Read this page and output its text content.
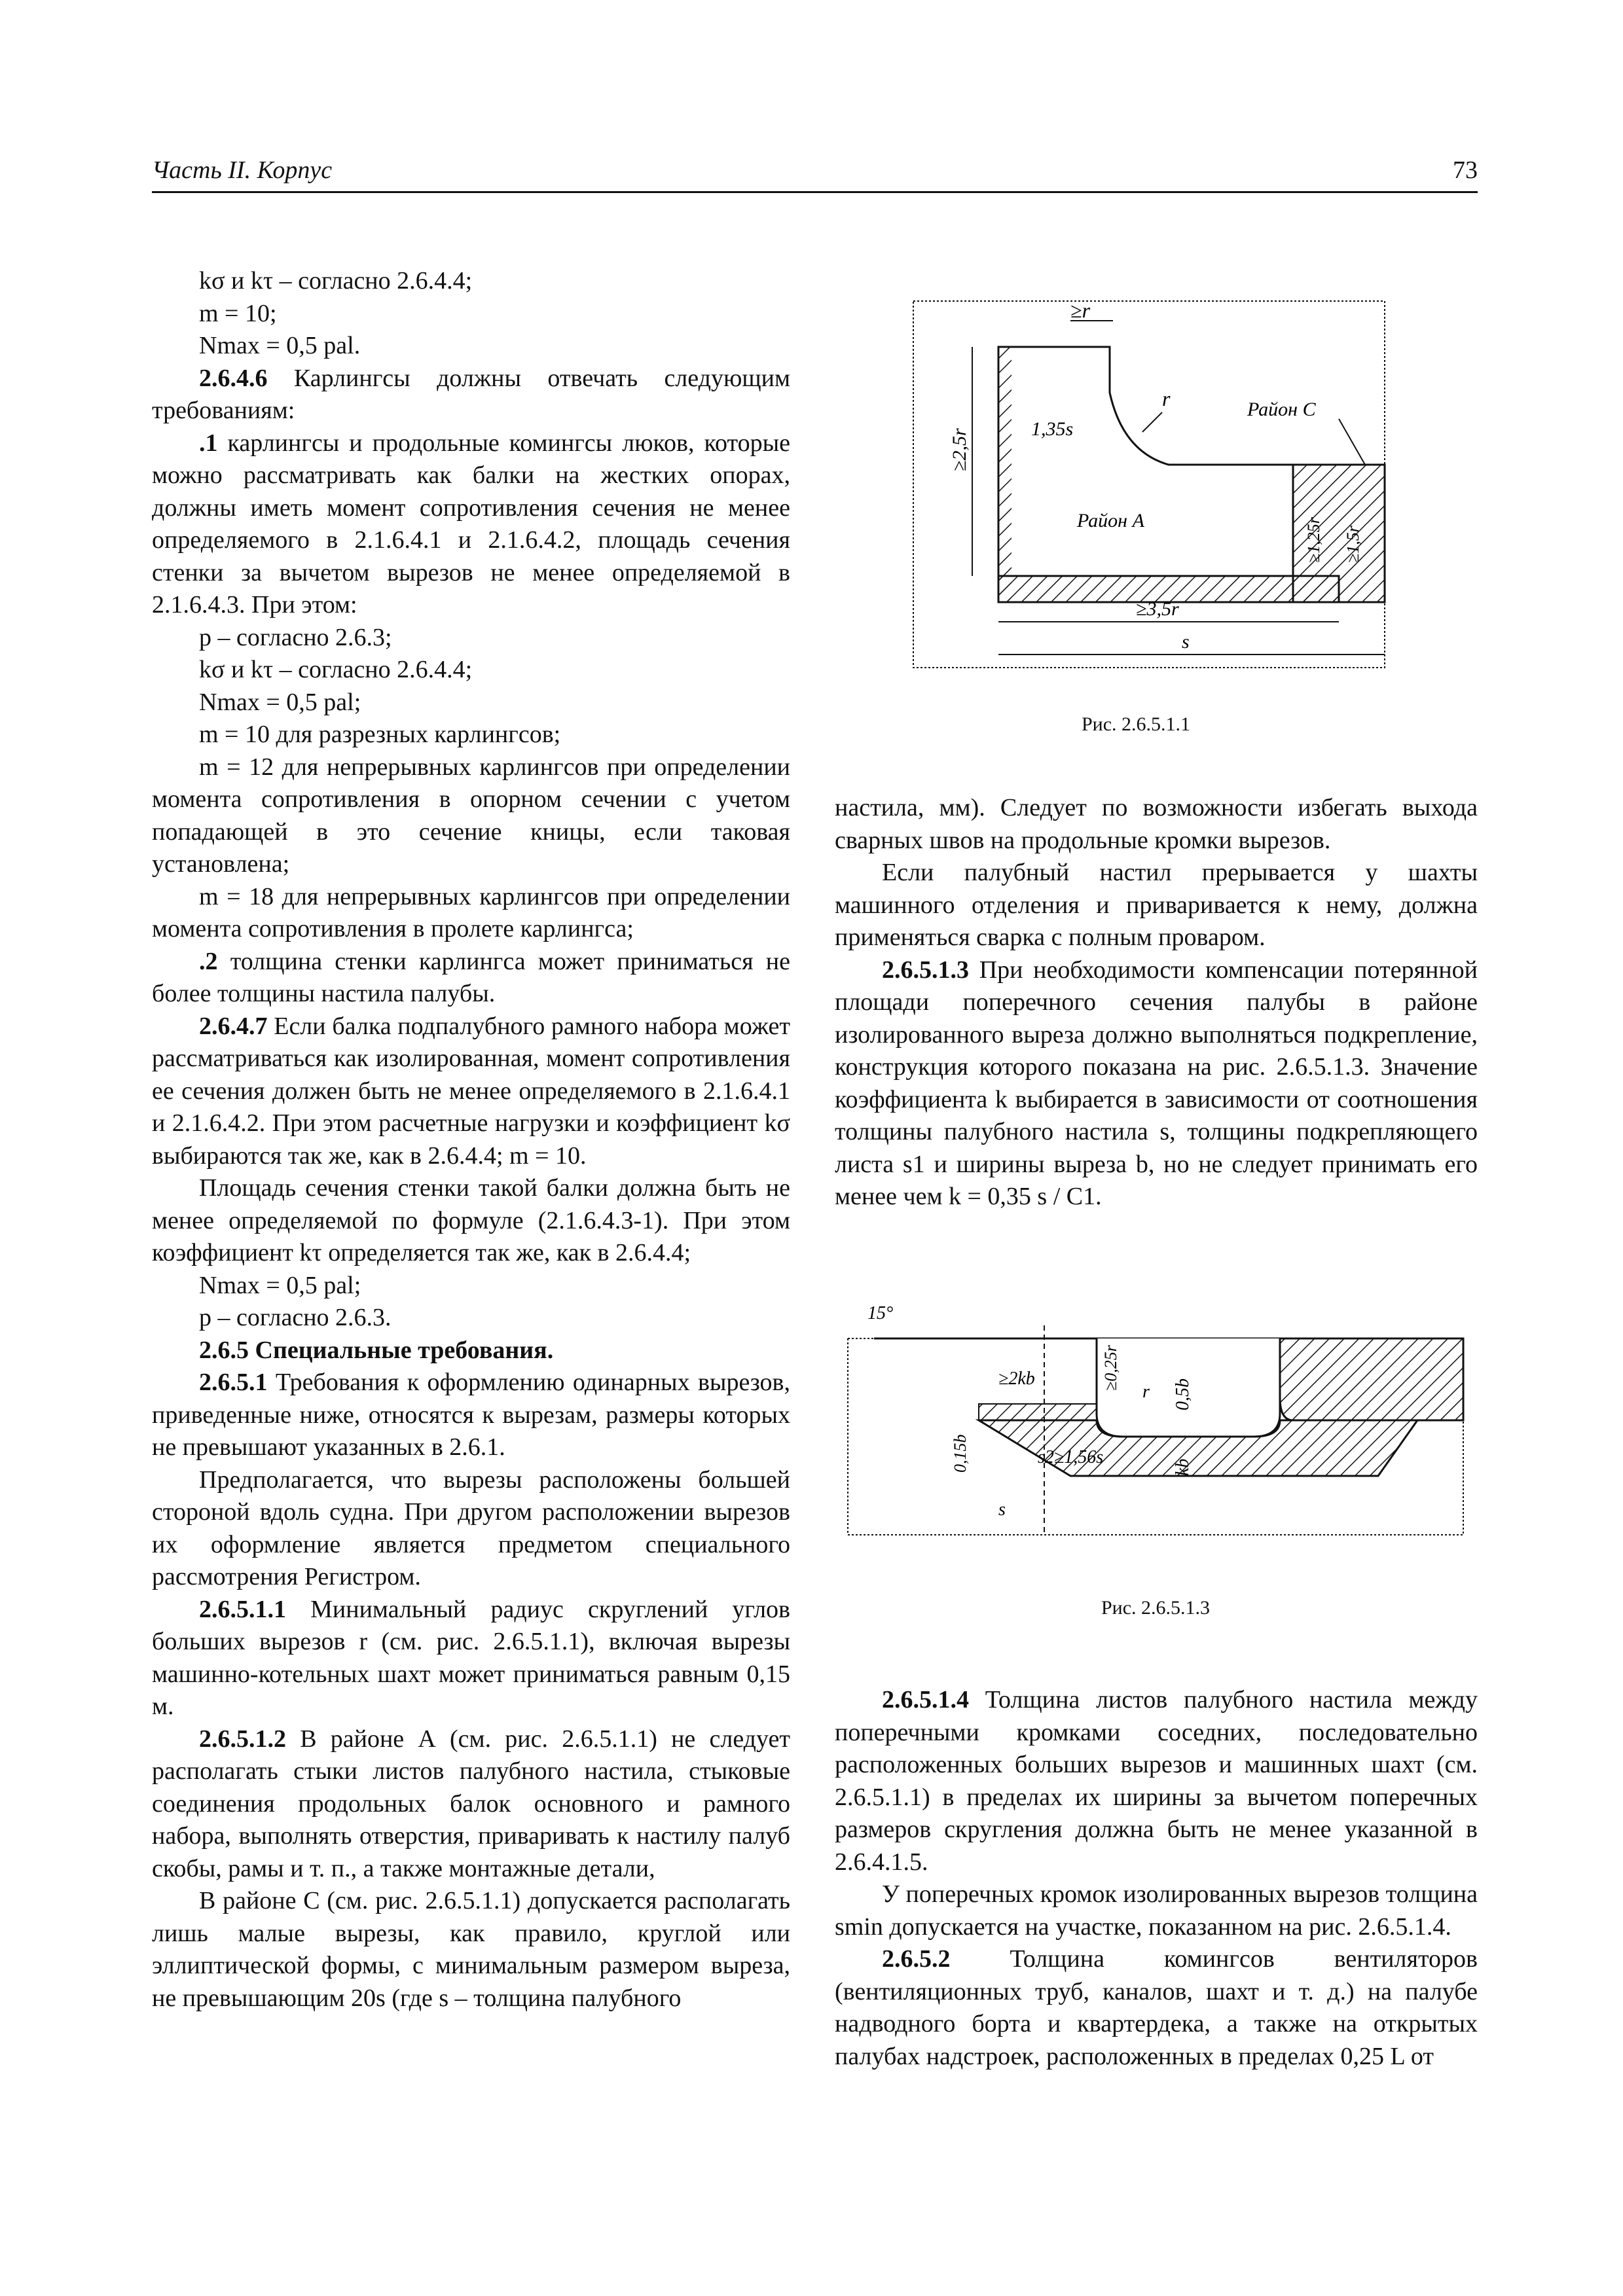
Часть II. Корпус	73

kσ и kτ – согласно 2.6.4.4;

m = 10;

Nmax = 0,5 pal.

2.6.4.6 Карлингсы должны отвечать следующим требованиям:

.1 карлингсы и продольные комингсы люков, которые можно рассматривать как балки на жестких опорах, должны иметь момент сопротивления сечения не менее определяемого в 2.1.6.4.1 и 2.1.6.4.2, площадь сечения стенки за вычетом вырезов не менее определяемой в 2.1.6.4.3. При этом:

p – согласно 2.6.3;

kσ и kτ – согласно 2.6.4.4;

Nmax = 0,5 pal;

m = 10 для разрезных карлингсов;

m = 12 для непрерывных карлингсов при определении момента сопротивления в опорном сечении с учетом попадающей в это сечение кницы, если таковая установлена;

m = 18 для непрерывных карлингсов при определении момента сопротивления в пролете карлингса;

.2 толщина стенки карлингса может приниматься не более толщины настила палубы.

2.6.4.7 Если балка подпалубного рамного набора может рассматриваться как изолированная, момент сопротивления ее сечения должен быть не менее определяемого в 2.1.6.4.1 и 2.1.6.4.2. При этом расчетные нагрузки и коэффициент kσ выбираются так же, как в 2.6.4.4; m = 10.

Площадь сечения стенки такой балки должна быть не менее определяемой по формуле (2.1.6.4.3-1). При этом коэффициент kτ определяется так же, как в 2.6.4.4;

Nmax = 0,5 pal;

p – согласно 2.6.3.

2.6.5 Специальные требования.

2.6.5.1 Требования к оформлению одинарных вырезов, приведенные ниже, относятся к вырезам, размеры которых не превышают указанных в 2.6.1.

Предполагается, что вырезы расположены большей стороной вдоль судна. При другом расположении вырезов их оформление является предметом специального рассмотрения Регистром.

2.6.5.1.1 Минимальный радиус скруглений углов больших вырезов r (см. рис. 2.6.5.1.1), включая вырезы машинно-котельных шахт может приниматься равным 0,15 м.

2.6.5.1.2 В районе А (см. рис. 2.6.5.1.1) не следует располагать стыки листов палубного настила, стыковые соединения продольных балок основного и рамного набора, выполнять отверстия, приваривать к настилу палуб скобы, рамы и т. п., а также монтажные детали,

В районе С (см. рис. 2.6.5.1.1) допускается располагать лишь малые вырезы, как правило, круглой или эллиптической формы, с минимальным размером выреза, не превышающим 20s (где s – толщина палубного

≥r
r
≥2,5r	1,35s
Район A
Район C
≥3,5r
s
≥1,25r ≥1,5r
Рис. 2.6.5.1.1

настила, мм). Следует по возможности избегать выхода сварных швов на продольные кромки вырезов.

Если палубный настил прерывается у шахты машинного отделения и приваривается к нему, должна применяться сварка с полным проваром.

2.6.5.1.3 При необходимости компенсации потерянной площади поперечного сечения палубы в районе изолированного выреза должно выполняться подкрепление, конструкция которого показана на рис. 2.6.5.1.3. Значение коэффициента k выбирается в зависимости от соотношения толщины палубного настила s, толщины подкрепляющего листа s1 и ширины выреза b, но не следует принимать его менее чем k = 0,35 s / C1.

15°
≥2kb	≥0,25r
r 0,5b
0,15b	s2≥1,56s	kb
s
Рис. 2.6.5.1.3

2.6.5.1.4 Толщина листов палубного настила между поперечными кромками соседних, последовательно расположенных больших вырезов и машинных шахт (см. 2.6.5.1.1) в пределах их ширины за вычетом поперечных размеров скругления должна быть не менее указанной в 2.6.4.1.5.

У поперечных кромок изолированных вырезов толщина smin допускается на участке, показанном на рис. 2.6.5.1.4.

2.6.5.2 Толщина комингсов вентиляторов (вентиляционных труб, каналов, шахт и т. д.) на палубе надводного борта и квартердека, а также на открытых палубах надстроек, расположенных в пределах 0,25 L от
